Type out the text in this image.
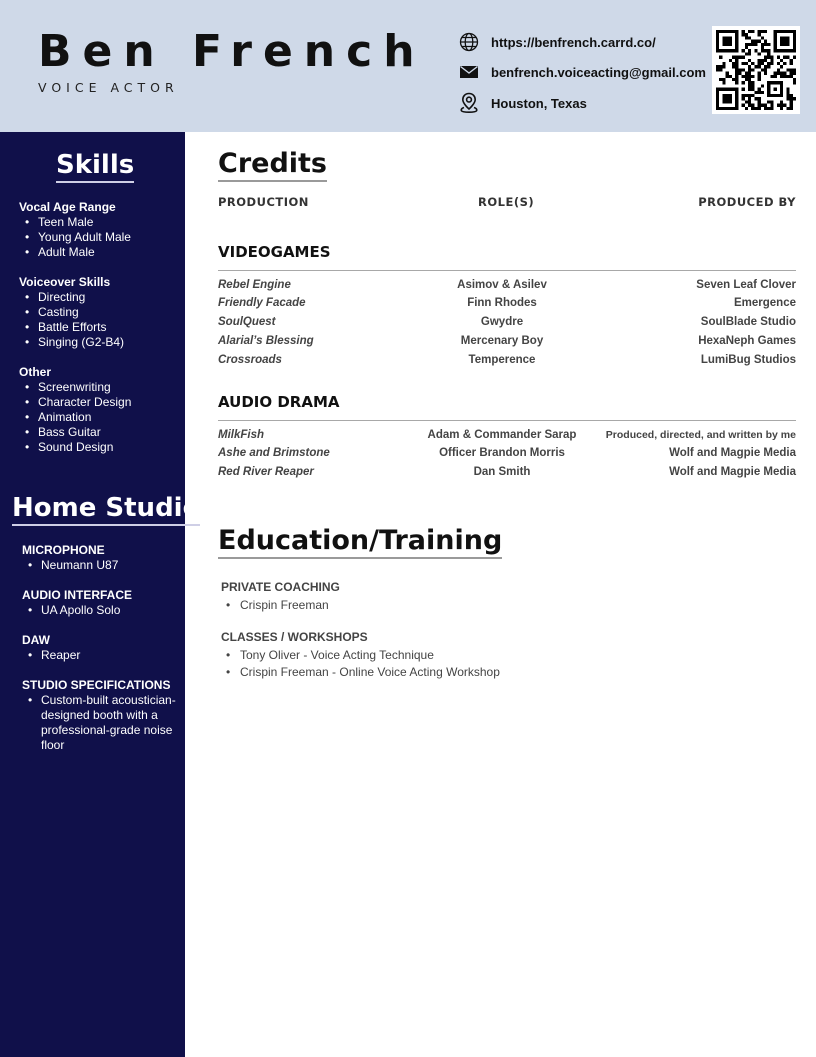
Ben French
VOICE ACTOR
https://benfrench.carrd.co/
benfrench.voiceacting@gmail.com
Houston, Texas
Skills
Vocal Age Range
• Teen Male
• Young Adult Male
• Adult Male
Voiceover Skills
• Directing
• Casting
• Battle Efforts
• Singing (G2-B4)
Other
• Screenwriting
• Character Design
• Animation
• Bass Guitar
• Sound Design
Home Studio
MICROPHONE
• Neumann U87
AUDIO INTERFACE
• UA Apollo Solo
DAW
• Reaper
STUDIO SPECIFICATIONS
• Custom-built acoustician-designed booth with a professional-grade noise floor
Credits
PRODUCTION	ROLE(S)	PRODUCED BY
VIDEOGAMES
Rebel Engine	Asimov & Asilev	Seven Leaf Clover
Friendly Facade	Finn Rhodes	Emergence
SoulQuest	Gwydre	SoulBlade Studio
Alarial’s Blessing	Mercenary Boy	HexaNeph Games
Crossroads	Temperence	LumiBug Studios
AUDIO DRAMA
MilkFish	Adam & Commander Sarap	Produced, directed, and written by me
Ashe and Brimstone	Officer Brandon Morris	Wolf and Magpie Media
Red River Reaper	Dan Smith	Wolf and Magpie Media
Education/Training
PRIVATE COACHING
• Crispin Freeman
CLASSES / WORKSHOPS
• Tony Oliver - Voice Acting Technique
• Crispin Freeman - Online Voice Acting Workshop
